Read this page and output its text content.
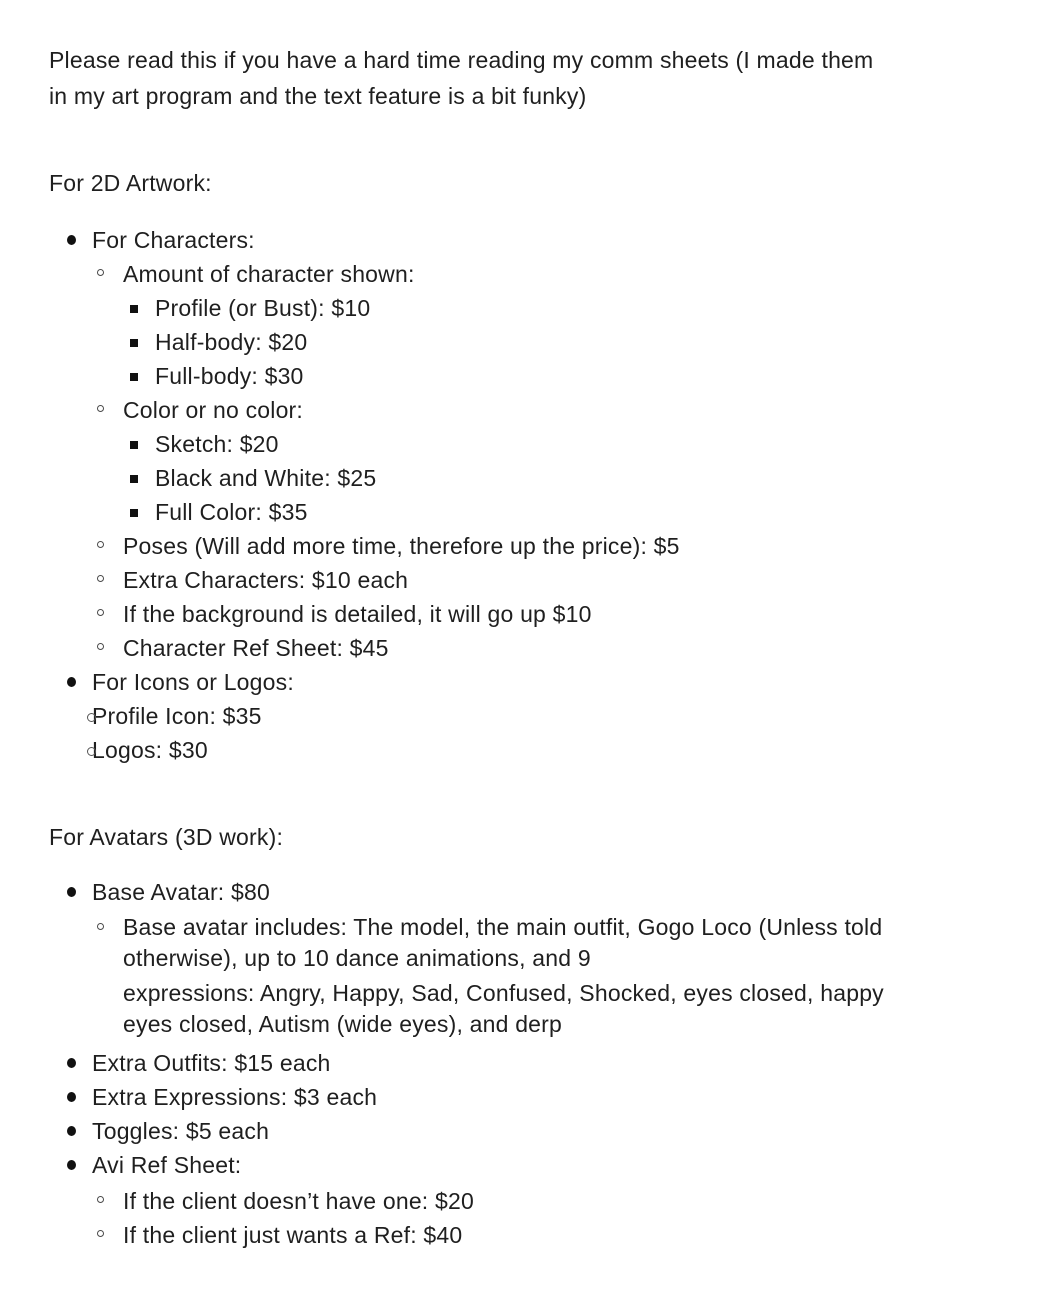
Please read this if you have a hard time reading my comm sheets (I made them
in my art program and the text feature is a bit funky)
For 2D Artwork:
For Characters:
Amount of character shown:
Profile (or Bust): $10
Half-body: $20
Full-body: $30
Color or no color:
Sketch: $20
Black and White: $25
Full Color: $35
Poses (Will add more time, therefore up the price): $5
Extra Characters: $10 each
If the background is detailed, it will go up $10
Character Ref Sheet: $45
For Icons or Logos:
Profile Icon: $35
Logos: $30
For Avatars (3D work):
Base Avatar: $80
Base avatar includes: The model, the main outfit, Gogo Loco (Unless told
otherwise), up to 10 dance animations, and 9
expressions: Angry, Happy, Sad, Confused, Shocked, eyes closed, happy
eyes closed, Autism (wide eyes), and derp
Extra Outfits: $15 each
Extra Expressions: $3 each
Toggles: $5 each
Avi Ref Sheet:
If the client doesn’t have one: $20
If the client just wants a Ref: $40
